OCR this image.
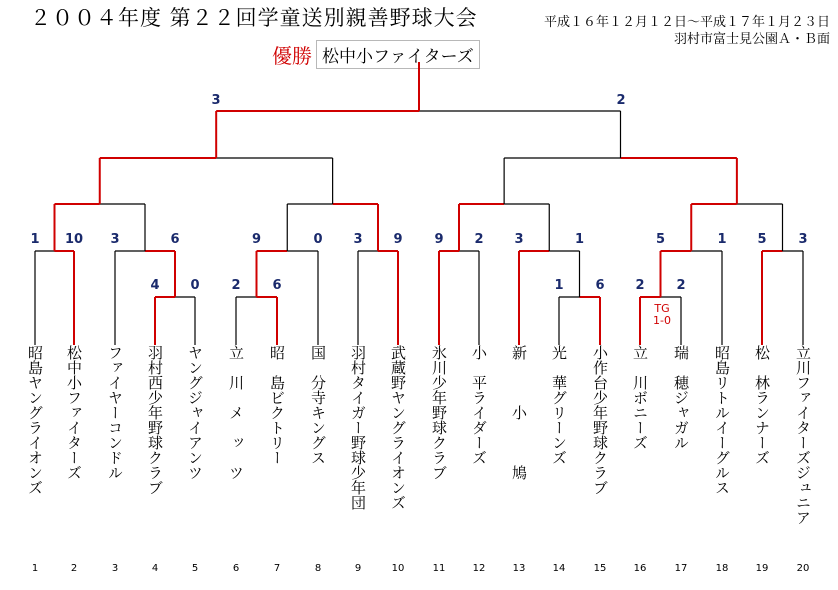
２００４年度 第２２回学童送別親善野球大会	平成１６年１２月１２日～平成１７年１月２３日
羽村市富士見公園Ａ・Ｂ面
優勝 松中小ファイターズ
4 0 2 6	1 6 2 2
1 10 3	6	9	0 3 9 9 2 3	1	5	1 5 3
3	2
昭島ヤングライオンズ
1
松中小ファイターズ
2
ファイヤーコンドル
3
羽村西少年野球クラブ
4
ヤングジャイアンツ
5
立　川　メ　ッ　ツ
6
昭　島ビクトリー
7
国　分寺キングス
8
羽村タイガー野球少年団
9
武蔵野ヤングライオンズ
10
氷川少年野球クラブ
11
小　平ライダーズ
12
新　　　小　　　鳩
13
光　華グリーンズ
14
小作台少年野球クラブ
15
立　川ボニーズ
16
瑞　穂ジャガル
17
昭島リトルイーグルス
18
松　林ランナーズ
19
立川ファイターズジュニア
20
TG
1-0
